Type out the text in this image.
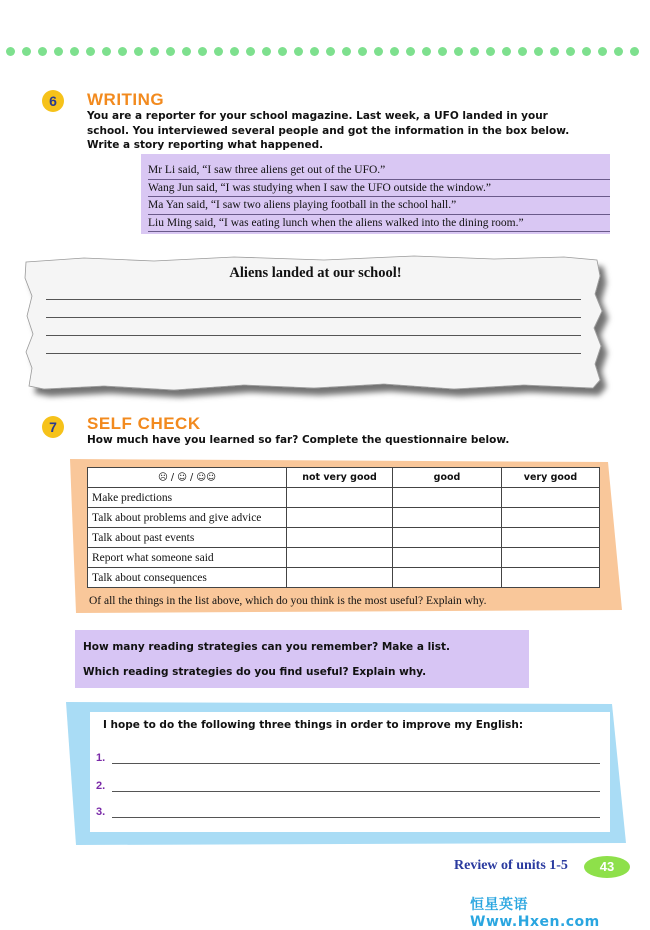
6	WRITING
You are a reporter for your school magazine. Last week, a UFO landed in your
school. You interviewed several people and got the information in the box below.
Write a story reporting what happened.
Mr Li said, “I saw three aliens get out of the UFO.”
Wang Jun said, “I was studying when I saw the UFO outside the window.”
Ma Yan said, “I saw two aliens playing football in the school hall.”
Liu Ming said, “I was eating lunch when the aliens walked into the dining room.”
Aliens landed at our school!
7	SELF CHECK
How much have you learned so far? Complete the questionnaire below.
☹ / ☺ / ☺☺	not very good	good	very good
Make predictions			
Talk about problems and give advice			
Talk about past events			
Report what someone said			
Talk about consequences			
Of all the things in the list above, which do you think is the most useful? Explain why.

How many reading strategies can you remember? Make a list.

Which reading strategies do you find useful? Explain why.

I hope to do the following three things in order to improve my English:
1.
2.
3.
Review of units 1-5	43
恒星英语 Www.Hxen.com
